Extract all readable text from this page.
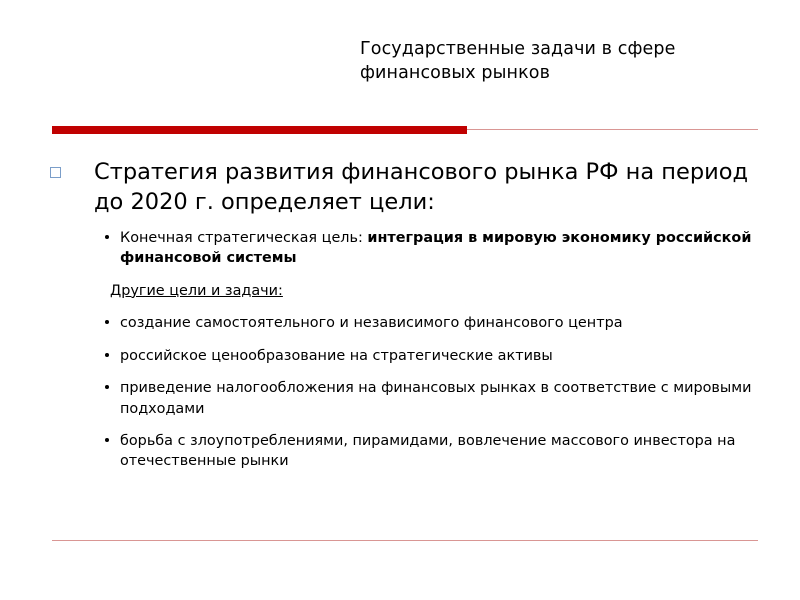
Государственные задачи в сфере финансовых рынков
Стратегия развития финансового рынка РФ на период до 2020 г. определяет цели:
Конечная стратегическая цель: интеграция в мировую экономику российской финансовой системы
Другие цели и задачи:
создание самостоятельного и независимого финансового центра
российское ценообразование на стратегические активы
приведение налогообложения на финансовых рынках в соответствие с мировыми подходами
борьба с злоупотреблениями, пирамидами, вовлечение массового инвестора на отечественные рынки
